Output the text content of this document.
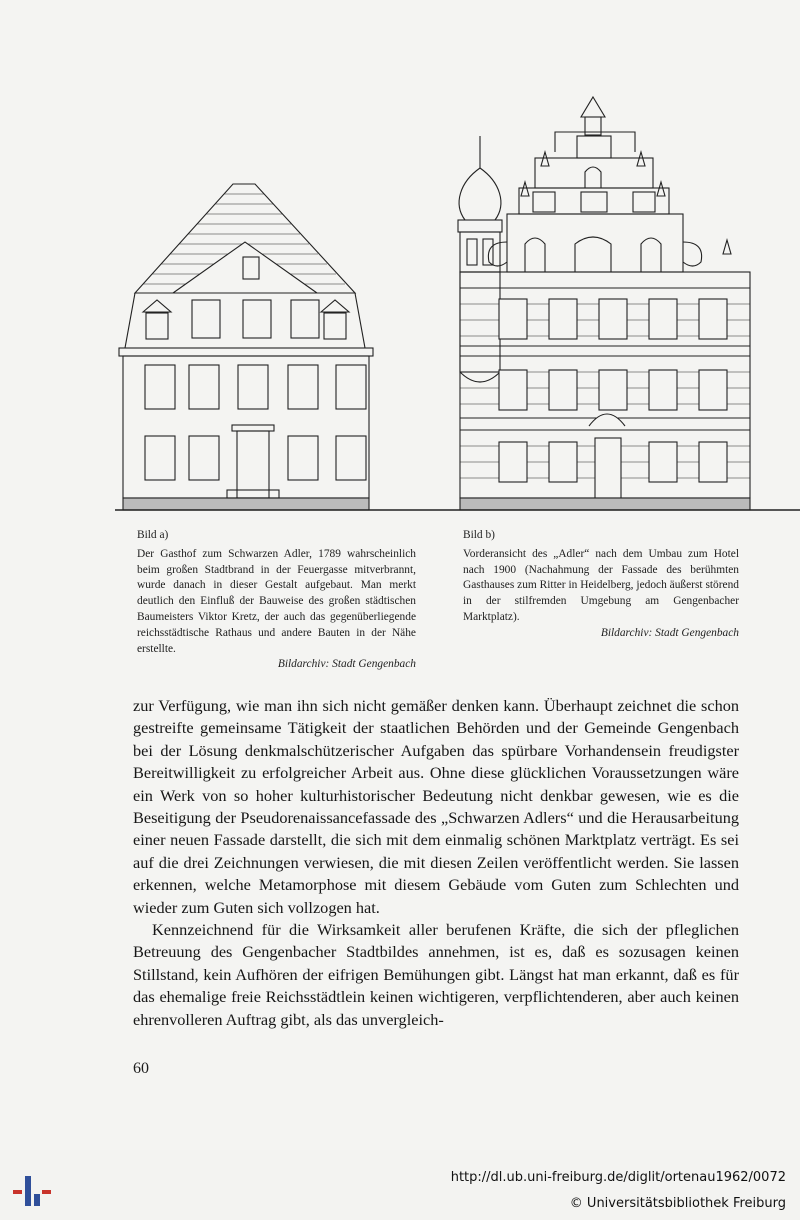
Bild a)

Der Gasthof zum Schwarzen Adler, 1789 wahrscheinlich beim großen Stadtbrand in der Feuergasse mitverbrannt, wurde danach in dieser Gestalt aufgebaut. Man merkt deutlich den Einfluß der Bauweise des großen städtischen Baumeisters Viktor Kretz, der auch das gegenüberliegende reichsstädtische Rathaus und andere Bauten in der Nähe erstellte.

Bildarchiv: Stadt Gengenbach
Bild b)

Vorderansicht des „Adler“ nach dem Umbau zum Hotel nach 1900 (Nachahmung der Fassade des berühmten Gasthauses zum Ritter in Heidelberg, jedoch äußerst störend in der stilfremden Umgebung am Gengenbacher Marktplatz).

Bildarchiv: Stadt Gengenbach

zur Verfügung, wie man ihn sich nicht gemäßer denken kann. Überhaupt zeichnet die schon gestreifte gemeinsame Tätigkeit der staatlichen Behörden und der Gemeinde Gengenbach bei der Lösung denkmalschützerischer Aufgaben das spürbare Vorhandensein freudigster Bereitwilligkeit zu erfolgreicher Arbeit aus. Ohne diese glücklichen Voraussetzungen wäre ein Werk von so hoher kulturhistorischer Bedeutung nicht denkbar gewesen, wie es die Beseitigung der Pseudorenaissancefassade des „Schwarzen Adlers“ und die Herausarbeitung einer neuen Fassade darstellt, die sich mit dem einmalig schönen Marktplatz verträgt. Es sei auf die drei Zeichnungen verwiesen, die mit diesen Zeilen veröffentlicht werden. Sie lassen erkennen, welche Metamorphose mit diesem Gebäude vom Guten zum Schlechten und wieder zum Guten sich vollzogen hat.

Kennzeichnend für die Wirksamkeit aller berufenen Kräfte, die sich der pfleglichen Betreuung des Gengenbacher Stadtbildes annehmen, ist es, daß es sozusagen keinen Stillstand, kein Aufhören der eifrigen Bemühungen gibt. Längst hat man erkannt, daß es für das ehemalige freie Reichsstädtlein keinen wichtigeren, verpflichtenderen, aber auch keinen ehrenvolleren Auftrag gibt, als das unvergleich-

60
http://dl.ub.uni-freiburg.de/diglit/ortenau1962/0072
© Universitätsbibliothek Freiburg
